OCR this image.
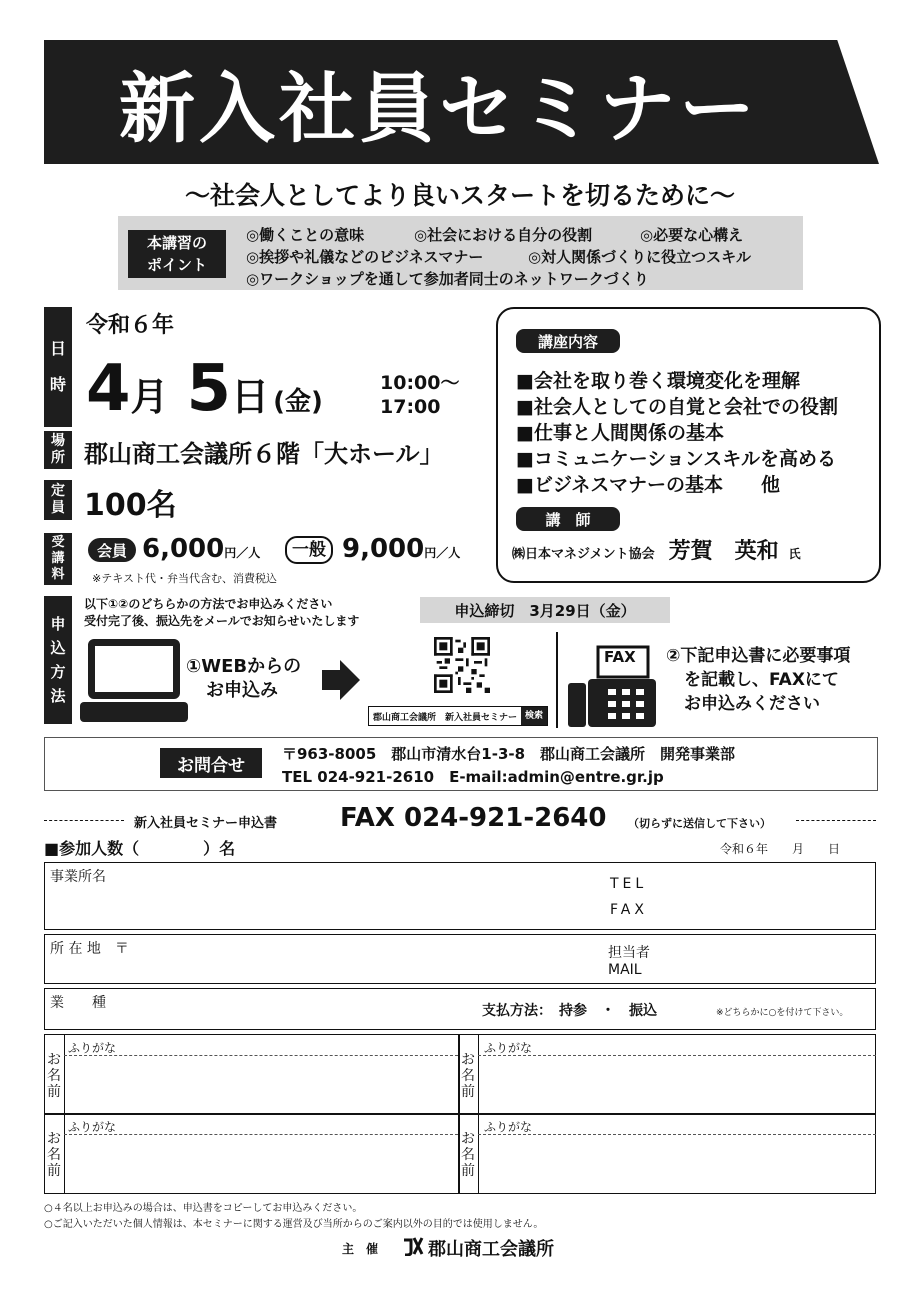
新入社員セミナー
〜社会人としてより良いスタートを切るために〜
本講習の
ポイント
◎働くことの意味	◎社会における自分の役割	◎必要な心構え
◎挨拶や礼儀などのビジネスマナー	◎対人関係づくりに役立つスキル
◎ワークショップを通して参加者同士のネットワークづくり
日
時
令和６年
4 月 5 日 (金)
10:00〜
17:00
場
所 郡山商工会議所６階「大ホール」
定
員 100名
受
講
料
会員 6,000円／人	一般 9,000円／人
※テキスト代・弁当代含む、消費税込
講座内容
■会社を取り巻く環境変化を理解
■社会人としての自覚と会社での役割
■仕事と人間関係の基本
■コミュニケーションスキルを高める
■ビジネスマナーの基本　　他
講　師
㈱日本マネジメント協会 芳賀　英和 氏
申
込
方
法
以下①②のどちらかの方法でお申込みください
受付完了後、振込先をメールでお知らせいたします
申込締切　3月29日（金）
①WEBからの
お申込み
郡山商工会議所　新入社員セミナー 検索
FAX ②下記申込書に必要事項
を記載し、FAXにて
お申込みください
お問合せ
〒963-8005　郡山市清水台1-3-8　郡山商工会議所　開発事業部
TEL 024-921-2610　E-mail:admin@entre.gr.jp
新入社員セミナー申込書 FAX 024-921-2640 （切らずに送信して下さい）
■参加人数（　　　　）名	令和６年　　月　　日
事業所名	TEL
FAX
所 在 地　〒	担当者
MAIL
業　　種	支払方法：　持参　・　振込	※どちらかに○を付けて下さい。
お
名
前
ふりがな
お
名
前
ふりがな
お
名
前
ふりがな
お
名
前
ふりがな
○４名以上お申込みの場合は、申込書をコピーしてお申込みください。
○ご記入いただいた個人情報は、本セミナーに関する運営及び当所からのご案内以外の目的では使用しません。
主　催	郡山商工会議所
